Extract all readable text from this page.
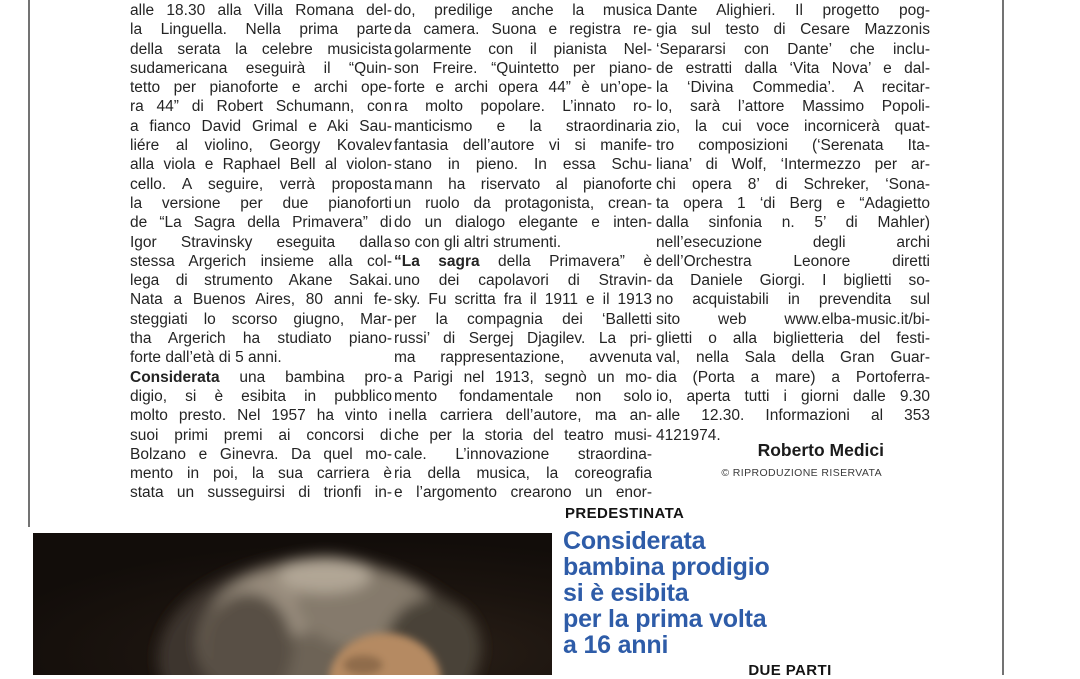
alle 18.30 alla Villa Romana del-
la Linguella. Nella prima parte
della serata la celebre musicista
sudamericana eseguirà il “Quin-
tetto per pianoforte e archi ope-
ra 44” di Robert Schumann, con
a fianco David Grimal e Aki Sau-
liére al violino, Georgy Kovalev
alla viola e Raphael Bell al violon-
cello. A seguire, verrà proposta
la versione per due pianoforti
de “La Sagra della Primavera” di
Igor Stravinsky eseguita dalla
stessa Argerich insieme alla col-
lega di strumento Akane Sakai.
Nata a Buenos Aires, 80 anni fe-
steggiati lo scorso giugno, Mar-
tha Argerich ha studiato piano-
forte dall’età di 5 anni.
Considerata una bambina pro-
digio, si è esibita in pubblico
molto presto. Nel 1957 ha vinto i
suoi primi premi ai concorsi di
Bolzano e Ginevra. Da quel mo-
mento in poi, la sua carriera è
stata un susseguirsi di trionfi in-
do, predilige anche la musica
da camera. Suona e registra re-
golarmente con il pianista Nel-
son Freire. “Quintetto per piano-
forte e archi opera 44” è un’ope-
ra molto popolare. L’innato ro-
manticismo e la straordinaria
fantasia dell’autore vi si manife-
stano in pieno. In essa Schu-
mann ha riservato al pianoforte
un ruolo da protagonista, crean-
do un dialogo elegante e inten-
so con gli altri strumenti.
“La sagra della Primavera” è
uno dei capolavori di Stravin-
sky. Fu scritta fra il 1911 e il 1913
per la compagnia dei ‘Balletti
russi’ di Sergej Djagilev. La pri-
ma rappresentazione, avvenuta
a Parigi nel 1913, segnò un mo-
mento fondamentale non solo
nella carriera dell’autore, ma an-
che per la storia del teatro musi-
cale. L’innovazione straordina-
ria della musica, la coreografia
e l’argomento crearono un enor-
Dante Alighieri. Il progetto pog-
gia sul testo di Cesare Mazzonis
‘Separarsi con Dante’ che inclu-
de estratti dalla ‘Vita Nova’ e dal-
la ‘Divina Commedia’. A recitar-
lo, sarà l’attore Massimo Popoli-
zio, la cui voce incornicerà quat-
tro composizioni (‘Serenata Ita-
liana’ di Wolf, ‘Intermezzo per ar-
chi opera 8’ di Schreker, ‘Sona-
ta opera 1 ‘di Berg e “Adagietto
dalla sinfonia n. 5’ di Mahler)
nell’esecuzione degli archi
dell’Orchestra Leonore diretti
da Daniele Giorgi. I biglietti so-
no acquistabili in prevendita sul
sito web www.elba-music.it/bi-
glietti o alla biglietteria del festi-
val, nella Sala della Gran Guar-
dia (Porta a mare) a Portoferra-
io, aperta tutti i giorni dalle 9.30
alle 12.30. Informazioni al 353
4121974.
Roberto Medici
© RIPRODUZIONE RISERVATA
PREDESTINATA
Considerata
bambina prodigio
si è esibita
per la prima volta
a 16 anni
DUE PARTI
